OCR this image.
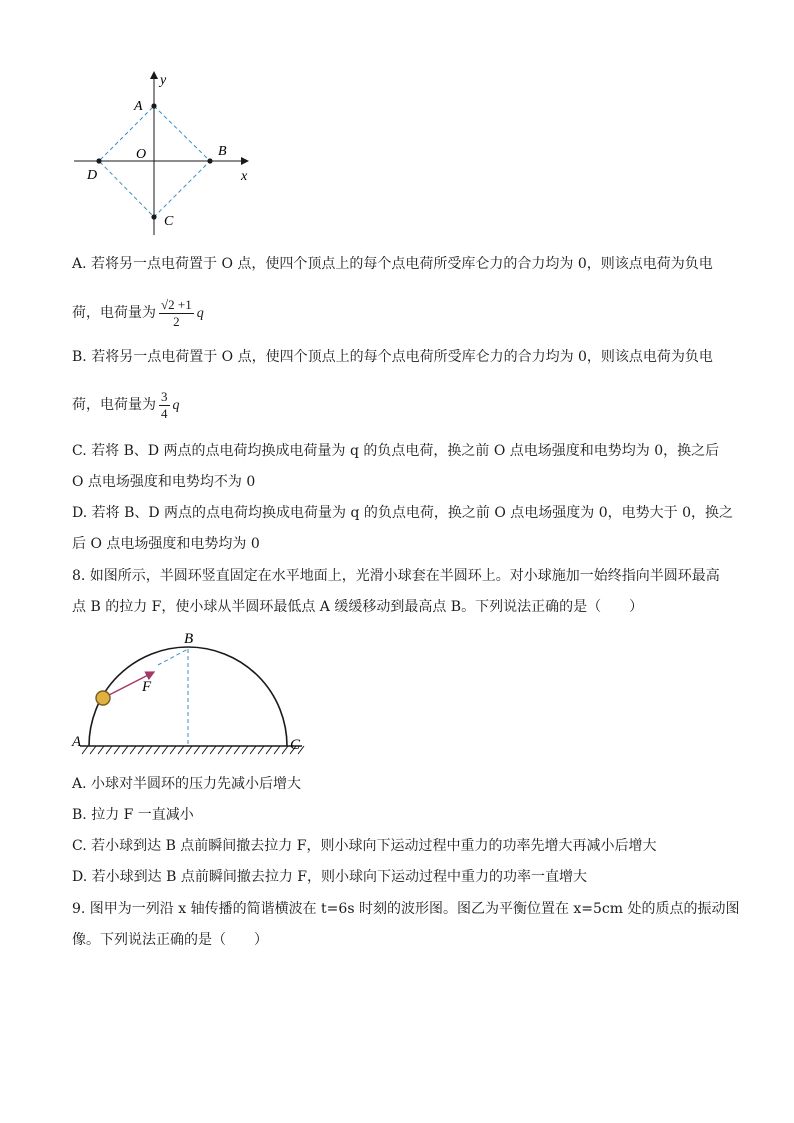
y
A
O	B
D	x
C
A. 若将另一点电荷置于 O 点，使四个顶点上的每个点电荷所受库仑力的合力均为 0，则该点电荷为负电
荷，电荷量为 $\frac{√2 +1}{2}$ q
B. 若将另一点电荷置于 O 点，使四个顶点上的每个点电荷所受库仑力的合力均为 0，则该点电荷为负电
荷，电荷量为 $\frac{3}{4}$ q
C. 若将 B、D 两点的点电荷均换成电荷量为 q 的负点电荷，换之前 O 点电场强度和电势均为 0，换之后
O 点电场强度和电势均不为 0
D. 若将 B、D 两点的点电荷均换成电荷量为 q 的负点电荷，换之前 O 点电场强度为 0，电势大于 0，换之
后 O 点电场强度和电势均为 0
8. 如图所示，半圆环竖直固定在水平地面上，光滑小球套在半圆环上。对小球施加一始终指向半圆环最高
点 B 的拉力 F，使小球从半圆环最低点 A 缓缓移动到最高点 B。下列说法正确的是（　　）
B
F
A	C
A. 小球对半圆环的压力先减小后增大
B. 拉力 F 一直减小
C. 若小球到达 B 点前瞬间撤去拉力 F，则小球向下运动过程中重力的功率先增大再减小后增大
D. 若小球到达 B 点前瞬间撤去拉力 F，则小球向下运动过程中重力的功率一直增大
9. 图甲为一列沿 x 轴传播的简谐横波在 t=6s 时刻的波形图。图乙为平衡位置在 x=5cm 处的质点的振动图
像。下列说法正确的是（　　）
